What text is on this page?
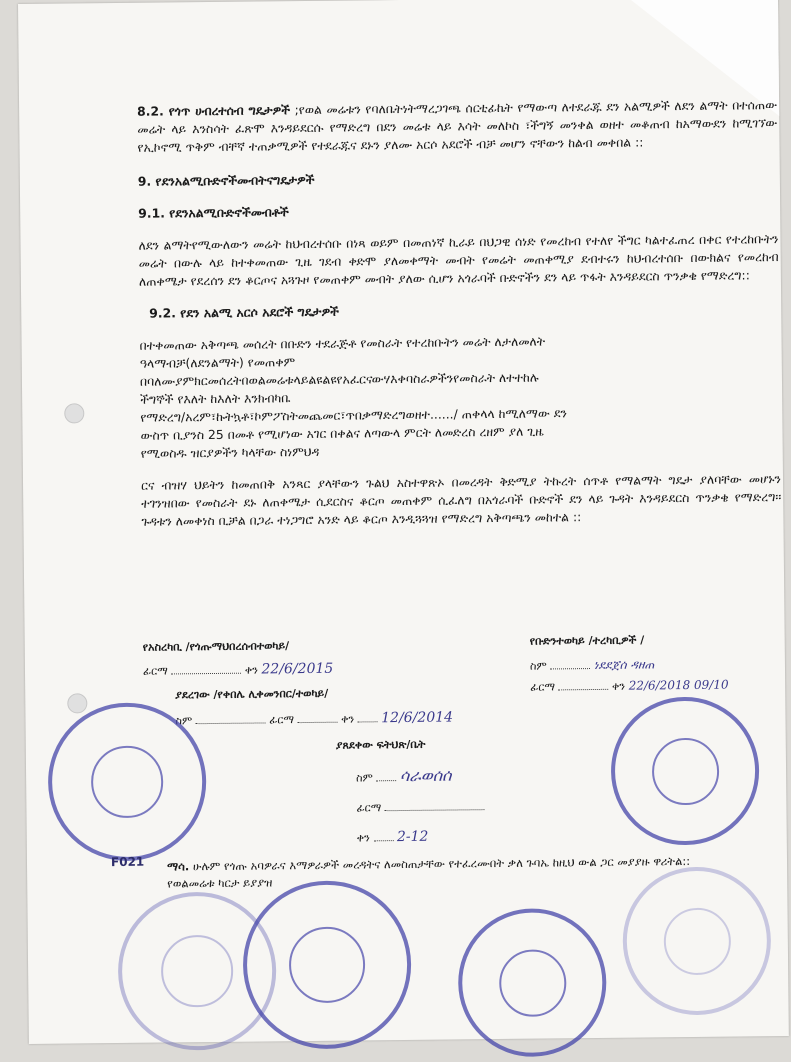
8.2. የጎጥ ሀብረተሰብ ግዴታዎች ;የወል መሬቱን የባለቤትነትማረጋገጫ ሰርቲፊኬት የማውጣ ለተደራጁ ደን አልሚዎች ለደን ልማት በተሰጠው መሬት ላይ እንስሳት ፈጽሞ እንዳይደርሱ የማድረግ በደን መሬቱ ላይ እሳት መለኮስ ፣ችግኝ መንቀል ወዘተ መቆጠብ ከአማውደን ከሚገኘው የኢኮኖሚ ጥቅም ብቸኛ ተጠቃሚዎች የተደራጁና ደኑን ያለሙ አርሶ አደሮች ብቻ መሆን ኖቸውን ከልብ መቀበል ::

9. የደንአልሚቡድኖችመብትናግዴታዎች

9.1. የደንአልሚቡድኖችመብቶች

ለደን ልማትየሚውለውን መሬት ከህብረተሰቡ በነጻ ወይም በመጠነኛ ኪራይ በህጋዊ ሰነድ የመረከብ የተለየ ችግር ካልተፈጠረ በቀር የተረከቡትን መሬት በውሉ ላይ ከተቀመጠው ጊዜ ገደብ ቀድሞ ያለመቀማት መብት የመሬት መጠቀሚያ ደብተሩን ከህብረተሰቡ በውክልና የመረከብ ለጠቀሜታ የደረሰን ደን ቆርጦና አጓጉዞ የመጠቀም መብት ያለው ሲሆን አጎራባች ቡድኖችን ደን ላይ ጥፋት እንዳይደርስ ጥንቃቄ የማድረግ::

9.2. የደን አልሚ አርሶ አደሮች ግዴታዎች

በተቀመጠው አቅጣጫ መሰረት በቡድን ተደራጅቶ የመስራት የተረከቡትን መሬት ለታለመለት
ዓላማብቻ(ለደንልማት) የመጠቀም
በባለሙያምክርመሰረትበወልመሬቱላይልዩልዩየአፈርናውሃእቀባስራዎችንየመስራት ለተተከሉ
ችግኞች የእለት ከእለት እንክብካቤ
የማድረግ/አረም፣ኩትኳቶ፣ኮምፖስትመጨመር፣ጥበቃማድረግወዘተ....../ ጠቀላላ ከሚለማው ደን
ውስጥ ቢያንስ 25 በመቶ የሚሆነው አገር በቀልና ለጣውላ ምርት ለመድረስ ረዘም ያለ ጊዜ
የሚወስዱ ዝርያዎችን ካላቸው ስነምህዳ

ርና ብዝሃ ህይትን ከመጠበቅ አንጻር ያላቸውን ጉልህ አስተዋጽኦ በመረዳት ቅድሚያ ትኩረት ሰጥቶ የማልማት ግዴታ ያለባቸው መሆኑን ተገንዝበው የመስራት ደኑ ለጠቀሜታ ሲደርስና ቆርጦ መጠቀም ሲፈለግ በአጎራባች ቡድኖች ደን ላይ ጉዳት እንዳይደርስ ጥንቃቄ የማድረግ፡፡ ጉዳቱን ለመቀነስ ቢቻል በጋራ ተነጋግሮ አንድ ላይ ቆርጦ እንዲጓጓዝ የማድረግ አቅጣጫን መከተል ::

የአስረካቢ /የጎጡማህበረሰብተወካይ/
ፊርማ	ቀን 22/6/2015
የቡድንተወካይ /ተረካቢዎች /
ስም	ነደደጀሰ ዳዘጠ
ፊርማ	ቀን 22/6/2018 09/10
ያደረገው /የቀበሌ ሊቀመንበር/ተወካይ/
ስም	ፊርማ	ቀን 12/6/2014
ያጸደቀው ፍትህጽ/ቤት
ስም ሳራወሰሰ
ፊርማ
ቀን 2-12
ማሳ. ሁሉም የጎጡ አባዎራና እማዎራዎች መረዳትና ለመስጠታቸው የተፈረሙበት ቃለ ጉባኤ ከዚህ ውል ጋር መያያዙ ዋሪትል:: የወልመሬቱ ካርታ ይያያዝ
F021
